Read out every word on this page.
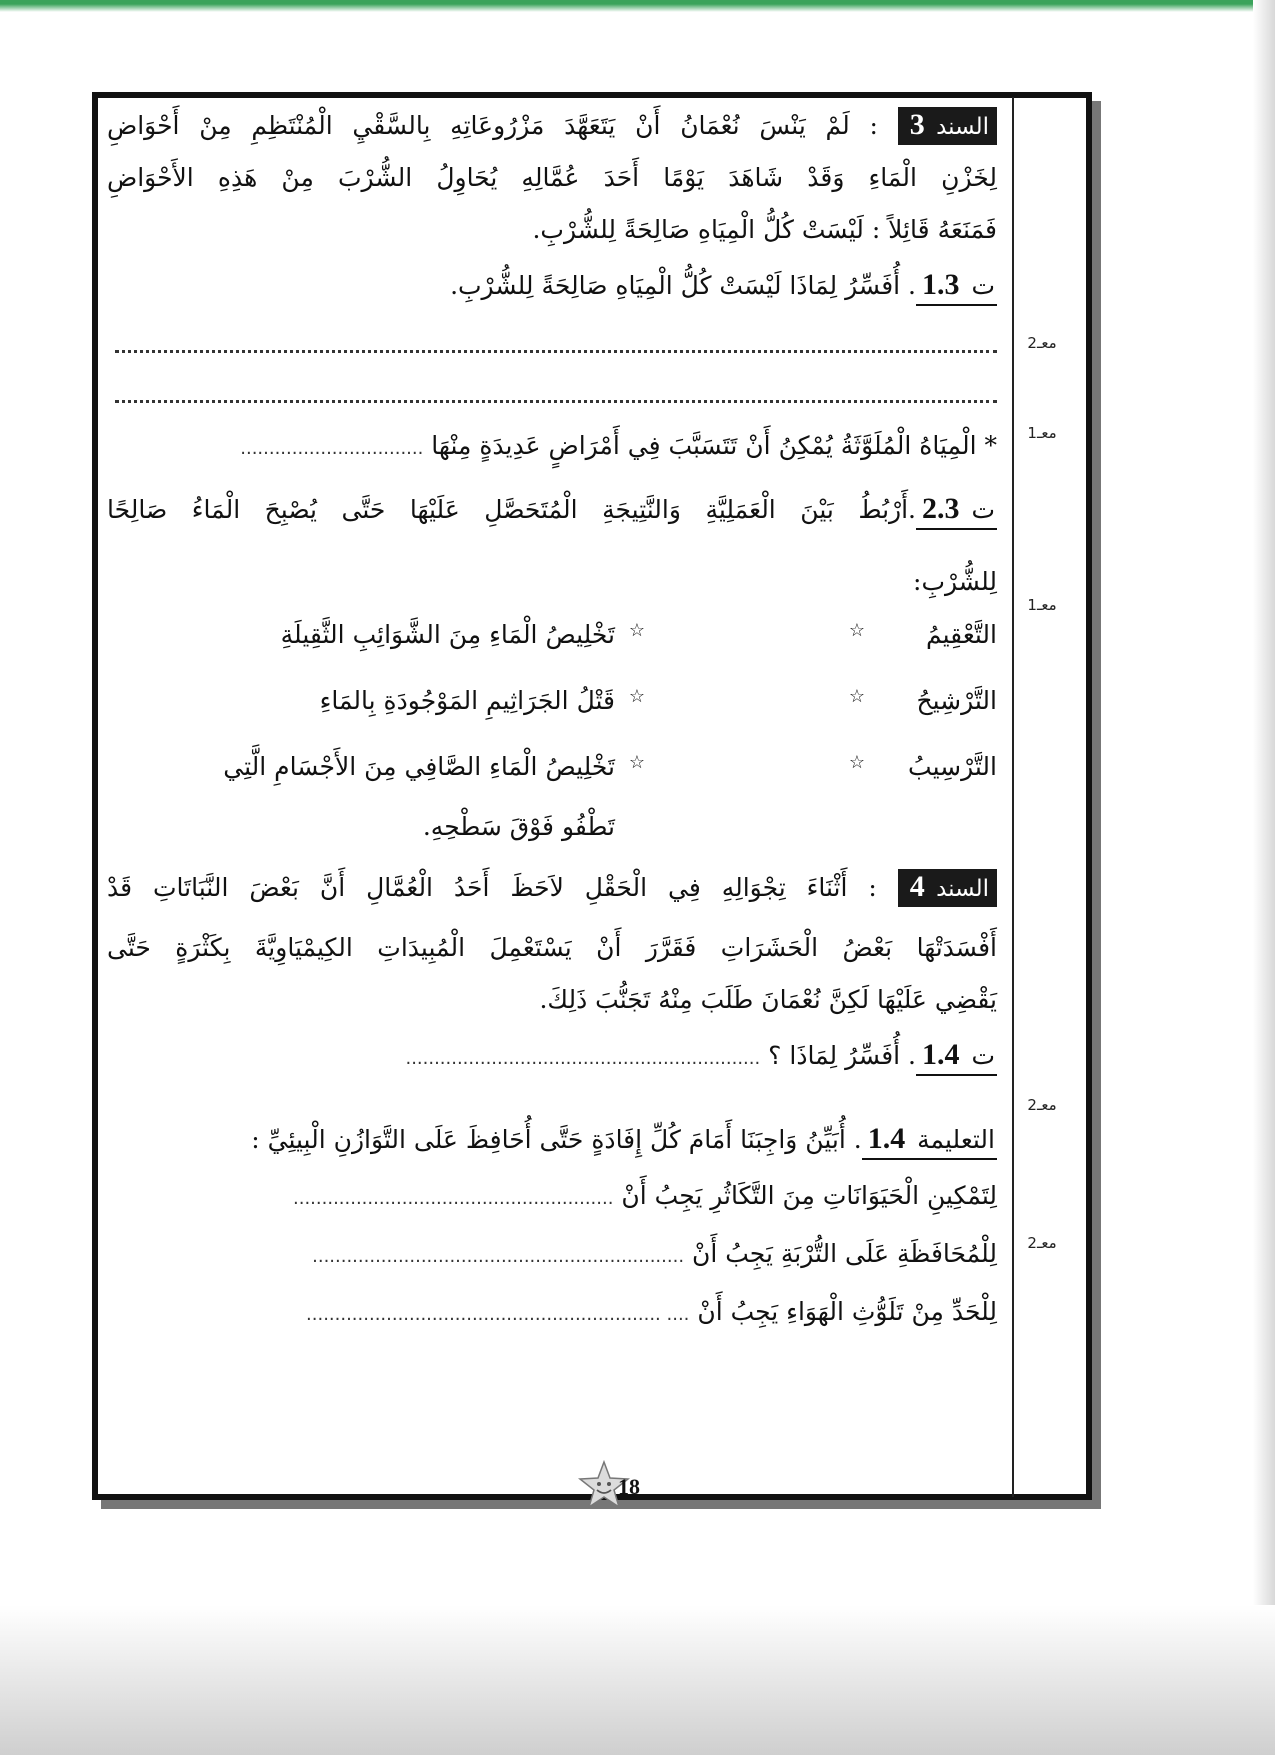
معـ2
معـ1
معـ1
معـ2
معـ2
السند 3 : لَمْ يَنْسَ نُعْمَانُ أَنْ يَتَعَهَّدَ مَزْرُوعَاتِهِ بِالسَّقْيِ الْمُنْتَظِمِ مِنْ أَحْوَاضِ
لِخَزْنِ الْمَاءِ وَقَدْ شَاهَدَ يَوْمًا أَحَدَ عُمَّالِهِ يُحَاوِلُ الشُّرْبَ مِنْ هَذِهِ الأَحْوَاضِ
فَمَنَعَهُ قَائِلاً : لَيْسَتْ كُلُّ الْمِيَاهِ صَالِحَةً لِلشُّرْبِ.
ت 1.3. أُفَسِّرُ لِمَاذَا لَيْسَتْ كُلُّ الْمِيَاهِ صَالِحَةً لِلشُّرْبِ.
* الْمِيَاهُ الْمُلَوَّثَةُ يُمْكِنُ أَنْ تَتَسَبَّبَ فِي أَمْرَاضٍ عَدِيدَةٍ مِنْهَا ................................
ت 2.3.أَرْبُطُ بَيْنَ الْعَمَلِيَّةِ وَالنَّتِيجَةِ الْمُتَحَصَّلِ عَلَيْهَا حَتَّى يُصْبِحَ الْمَاءُ صَالِحًا
لِلشُّرْبِ:
التَّعْقِيمُ
☆
☆
تَخْلِيصُ الْمَاءِ مِنَ الشَّوَائِبِ الثَّقِيلَةِ
التَّرْشِيحُ
☆
☆
قَتْلُ الجَرَاثِيمِ المَوْجُودَةِ بِالمَاءِ
التَّرْسِيبُ
☆
☆
تَخْلِيصُ الْمَاءِ الصَّافِي مِنَ الأَجْسَامِ الَّتِي
تَطْفُو فَوْقَ سَطْحِهِ.
السند 4 : أَثْنَاءَ تِجْوَالِهِ فِي الْحَقْلِ لاَحَظَ أَحَدُ الْعُمَّالِ أَنَّ بَعْضَ النَّبَاتَاتِ قَدْ
أَفْسَدَتْهَا بَعْضُ الْحَشَرَاتِ فَقَرَّرَ أَنْ يَسْتَعْمِلَ الْمُبِيدَاتِ الكِيمْيَاوِيَّةَ بِكَثْرَةٍ حَتَّى
يَقْضِي عَلَيْهَا لَكِنَّ نُعْمَانَ طَلَبَ مِنْهُ تَجَنُّبَ ذَلِكَ.
ت 1.4. أُفَسِّرُ لِمَاذَا ؟ ..............................................................
التعليمة 1.4. أُبَيِّنُ وَاجِبَنَا أَمَامَ كُلِّ إِفَادَةٍ حَتَّى أُحَافِظَ عَلَى التَّوَازُنِ الْبِيئِيِّ :
لِتَمْكِينِ الْحَيَوَانَاتِ مِنَ التَّكَاثُرِ يَجِبُ أَنْ ........................................................
لِلْمُحَافَظَةِ عَلَى التُّرْبَةِ يَجِبُ أَنْ .................................................................
لِلْحَدِّ مِنْ تَلَوُّثِ الْهَوَاءِ يَجِبُ أَنْ .... ..............................................................
18
